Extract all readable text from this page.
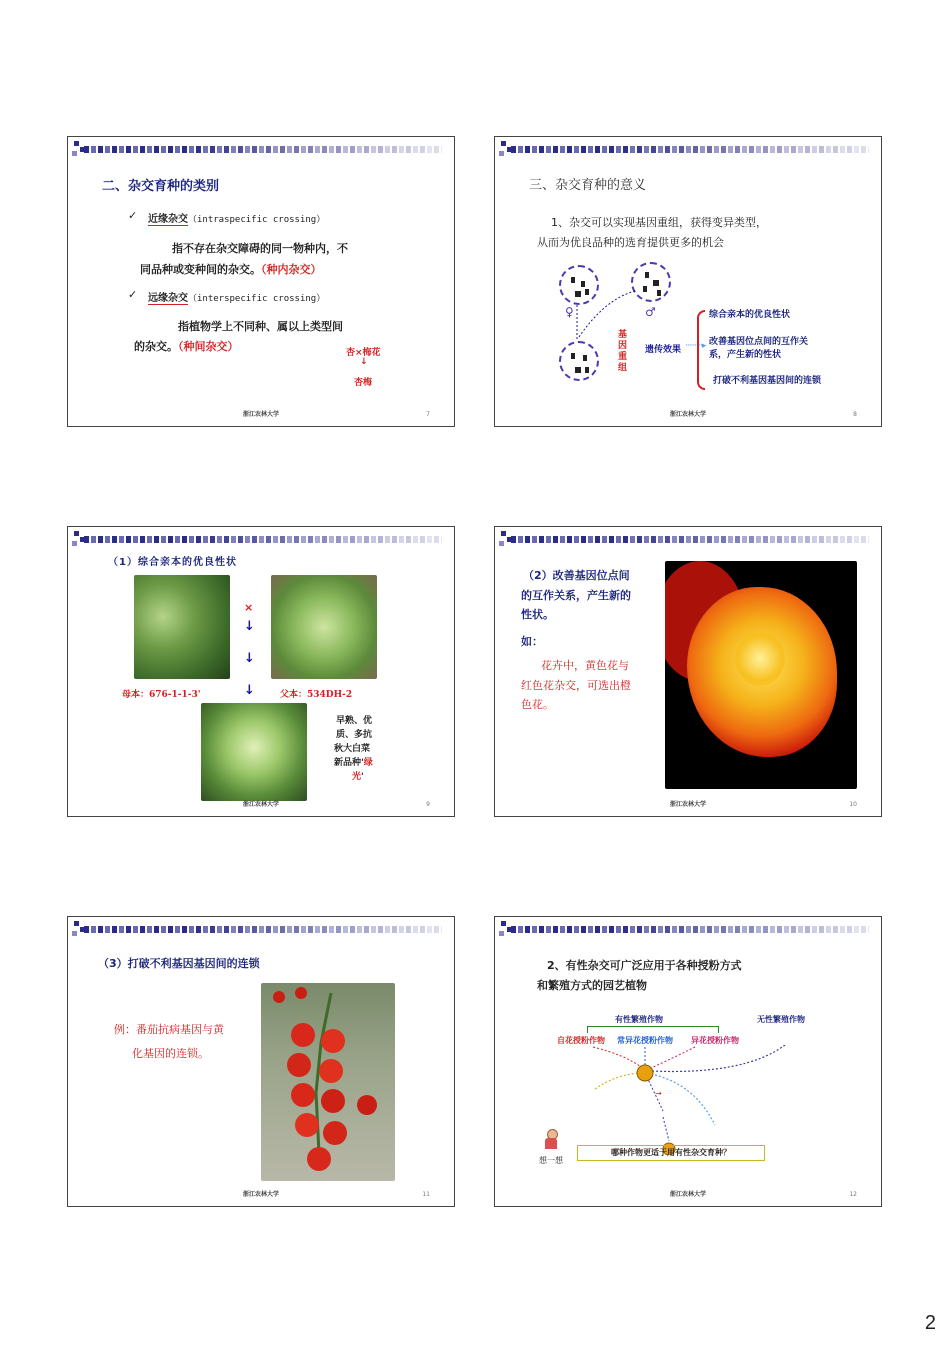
二、杂交育种的类别
✓ 近缘杂交（intraspecific crossing）
指不存在杂交障碍的同一物种内，不
同品种或变种间的杂交。（种内杂交）
✓ 远缘杂交（interspecific crossing）
指植物学上不同种、属以上类型间
的杂交。（种间杂交）	杏×梅花
↓
杏梅
浙江农林大学	7
三、杂交育种的意义
1、杂交可以实现基因重组，获得变异类型，
从而为优良品种的选育提供更多的机会
♀	♂
基因重组
遗传效果 ·········▸
综合亲本的优良性状
改善基因位点间的互作关
系，产生新的性状
打破不利基因基因间的连锁
浙江农林大学	8
（1）综合亲本的优良性状
×
↓
↓
↓
母本：676-1-1-3'	父本：534DH-2
早熟、优
质、多抗
秋大白菜
新品种'绿
光'
浙江农林大学	9
（2）改善基因位点间
的互作关系，产生新的
性状。
如：
花卉中，黄色花与
红色花杂交，可选出橙
色花。
浙江农林大学	10
（3）打破不利基因基因间的连锁
例：番茄抗病基因与黄
化基因的连锁。
浙江农林大学	11
2、有性杂交可广泛应用于各种授粉方式
和繁殖方式的园艺植物
有性繁殖作物	无性繁殖作物
自花授粉作物 常异花授粉作物 异花授粉作物
→
想一想
哪种作物更适于用有性杂交育种？
浙江农林大学	12
2
